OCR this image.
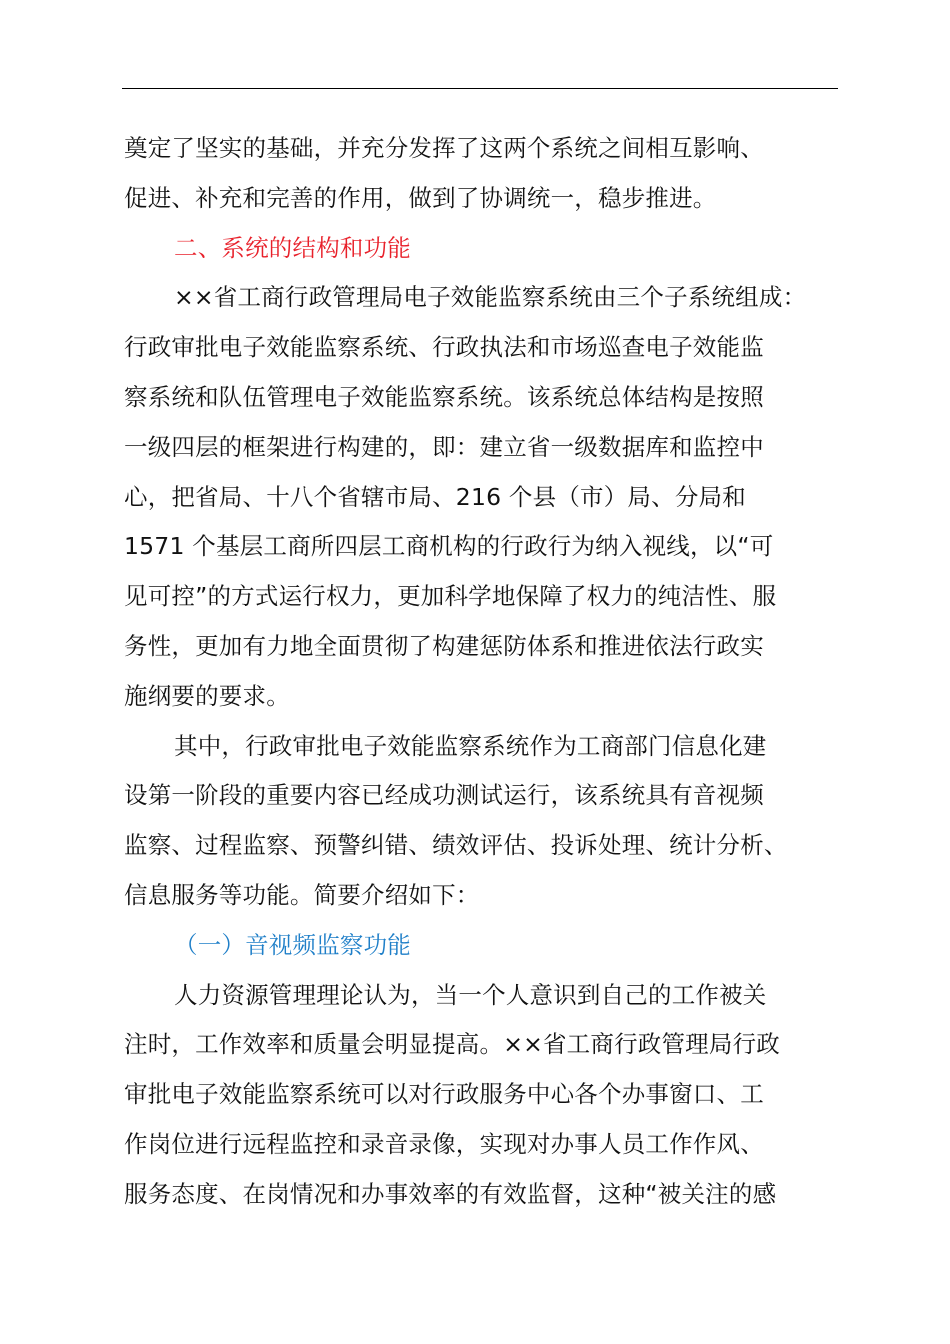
奠定了坚实的基础，并充分发挥了这两个系统之间相互影响、
促进、补充和完善的作用，做到了协调统一，稳步推进。
二、系统的结构和功能
××省工商行政管理局电子效能监察系统由三个子系统组成：
行政审批电子效能监察系统、行政执法和市场巡查电子效能监
察系统和队伍管理电子效能监察系统。该系统总体结构是按照
一级四层的框架进行构建的，即：建立省一级数据库和监控中
心，把省局、十八个省辖市局、216 个县（市）局、分局和
1571 个基层工商所四层工商机构的行政行为纳入视线，以“可
见可控”的方式运行权力，更加科学地保障了权力的纯洁性、服
务性，更加有力地全面贯彻了构建惩防体系和推进依法行政实
施纲要的要求。
其中，行政审批电子效能监察系统作为工商部门信息化建
设第一阶段的重要内容已经成功测试运行，该系统具有音视频
监察、过程监察、预警纠错、绩效评估、投诉处理、统计分析、
信息服务等功能。简要介绍如下：
（一）音视频监察功能
人力资源管理理论认为，当一个人意识到自己的工作被关
注时，工作效率和质量会明显提高。××省工商行政管理局行政
审批电子效能监察系统可以对行政服务中心各个办事窗口、工
作岗位进行远程监控和录音录像，实现对办事人员工作作风、
服务态度、在岗情况和办事效率的有效监督，这种“被关注的感
